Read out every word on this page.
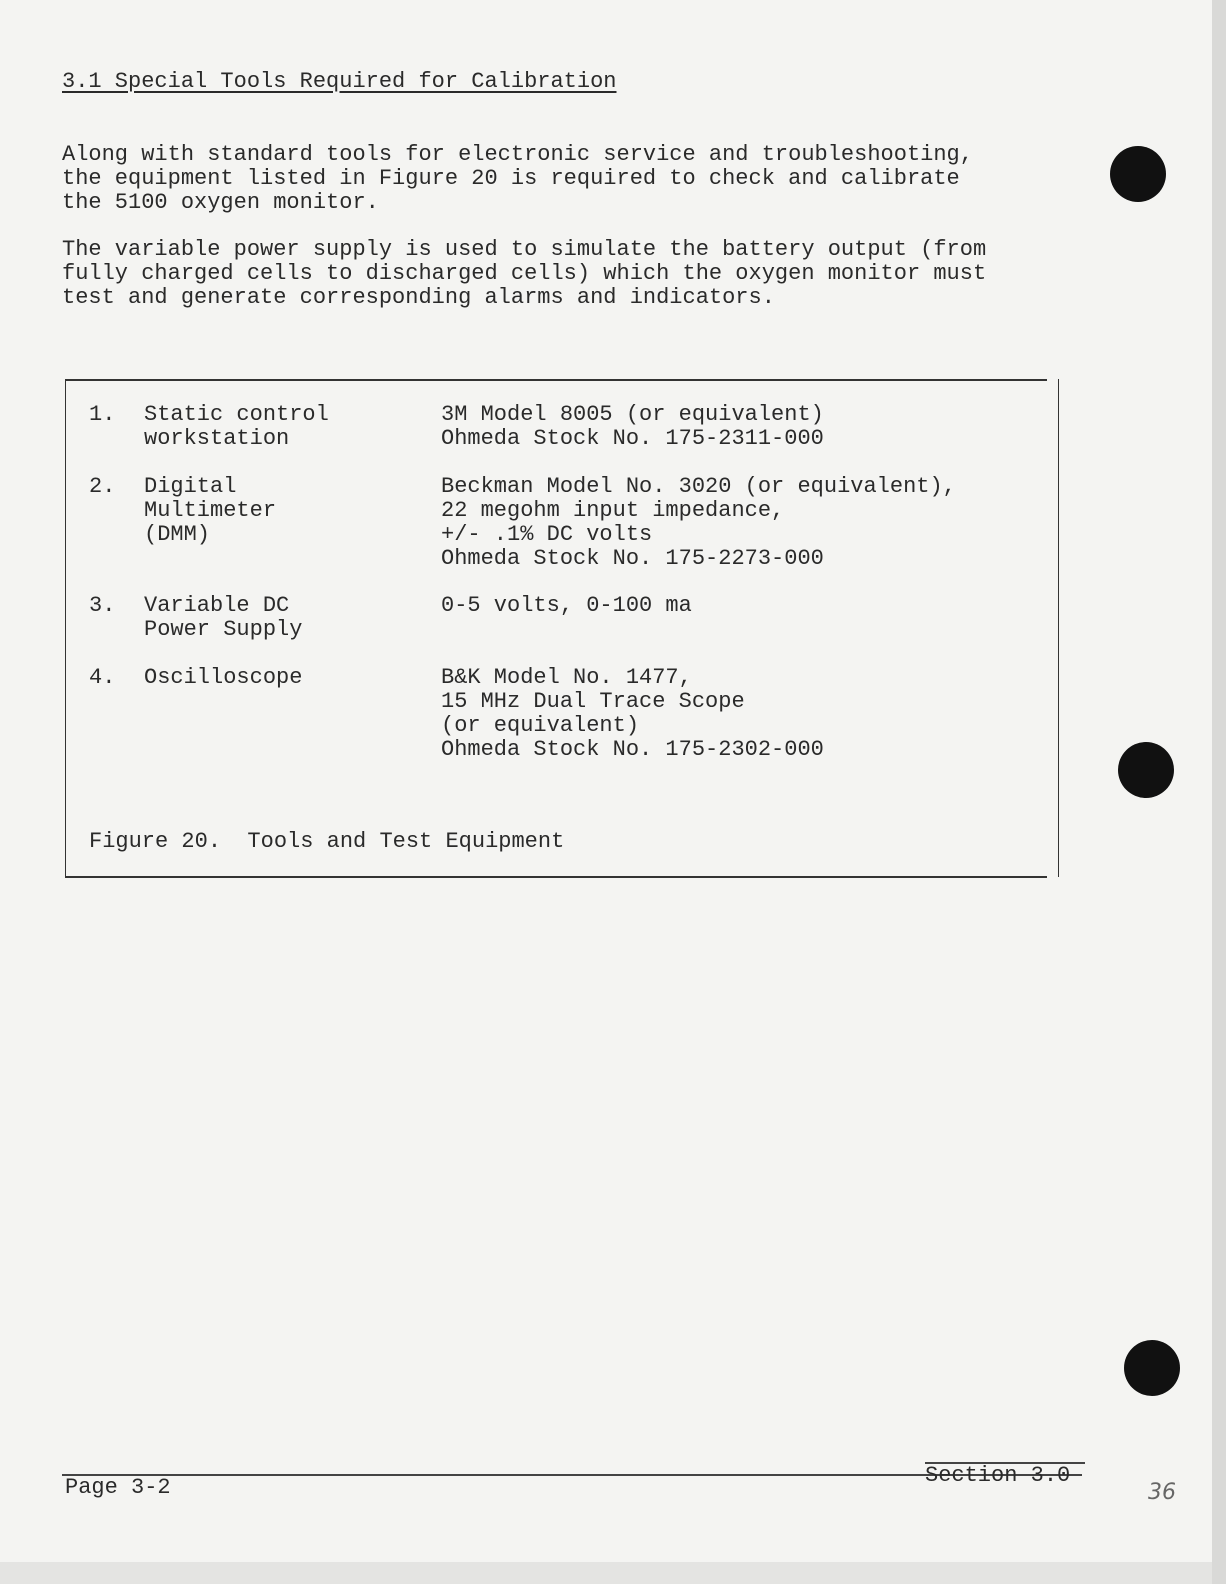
3.1 Special Tools Required for Calibration
Along with standard tools for electronic service and troubleshooting,
the equipment listed in Figure 20 is required to check and calibrate
the 5100 oxygen monitor.
The variable power supply is used to simulate the battery output (from
fully charged cells to discharged cells) which the oxygen monitor must
test and generate corresponding alarms and indicators.
1. Static control
workstation
3M Model 8005 (or equivalent)
Ohmeda Stock No. 175-2311-000
2. Digital
Multimeter
(DMM)
Beckman Model No. 3020 (or equivalent),
22 megohm input impedance,
+/- .1% DC volts
Ohmeda Stock No. 175-2273-000
3. Variable DC
Power Supply
0-5 volts, 0-100 ma
4. Oscilloscope	B&K Model No. 1477,
15 MHz Dual Trace Scope
(or equivalent)
Ohmeda Stock No. 175-2302-000
Figure 20.  Tools and Test Equipment
Page 3-2	Section 3.0
36
